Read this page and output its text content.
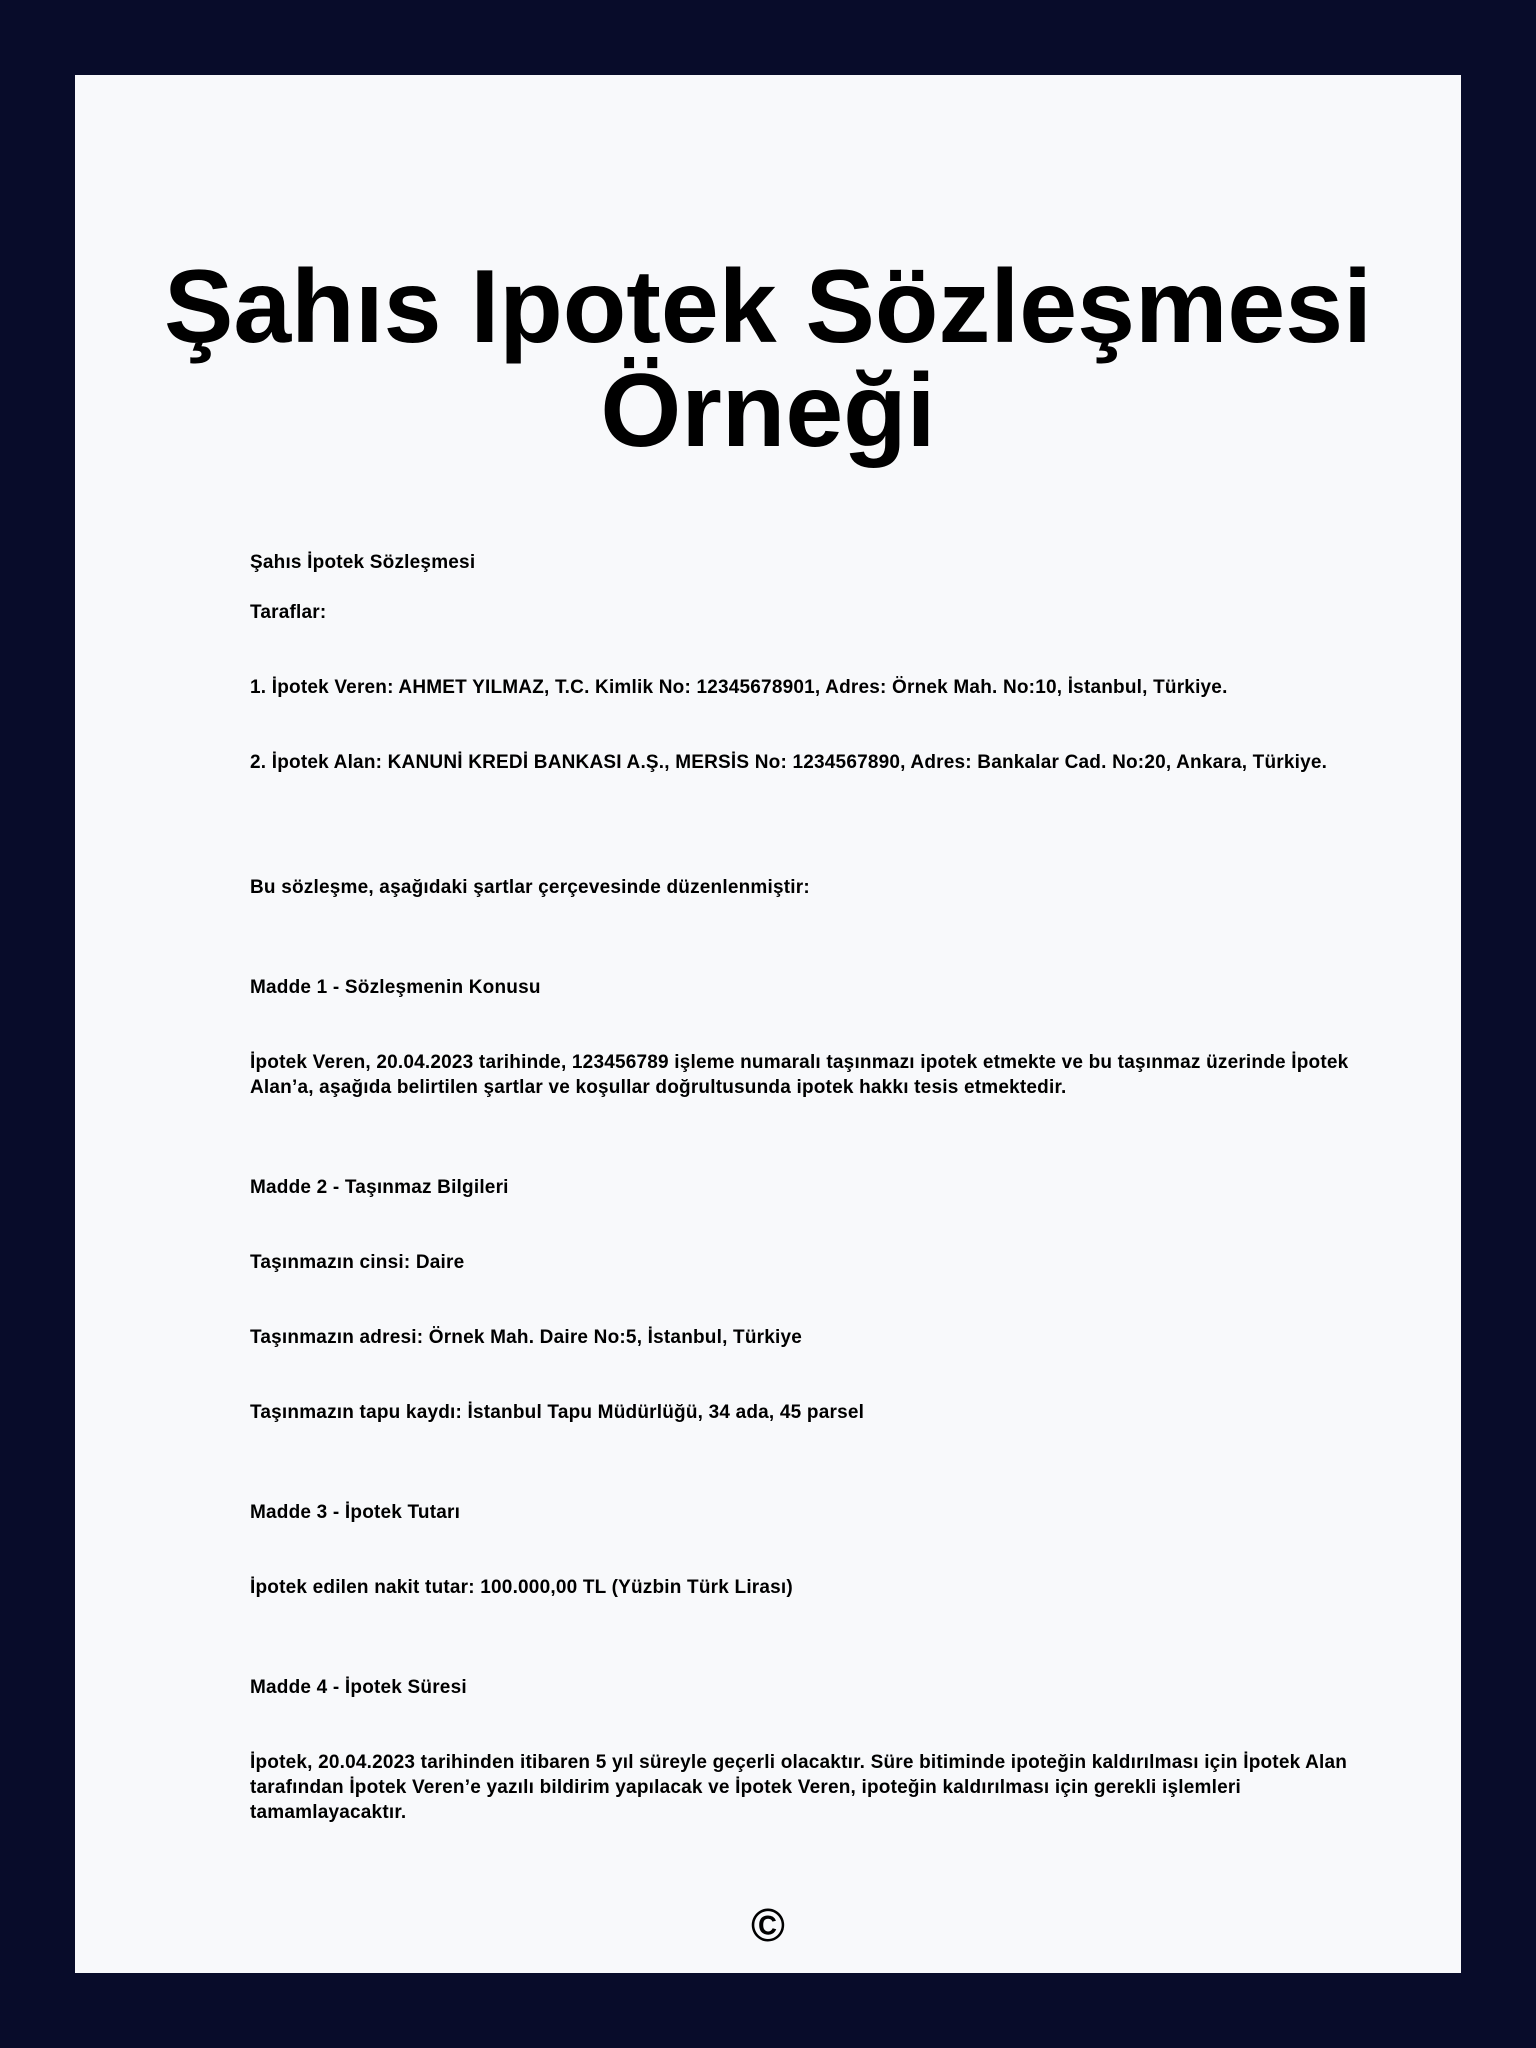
Şahıs Ipotek Sözleşmesi Örneği

Şahıs İpotek Sözleşmesi

Taraflar:

1. İpotek Veren: AHMET YILMAZ, T.C. Kimlik No: 12345678901, Adres: Örnek Mah. No:10, İstanbul, Türkiye.

2. İpotek Alan: KANUNİ KREDİ BANKASI A.Ş., MERSİS No: 1234567890, Adres: Bankalar Cad. No:20, Ankara, Türkiye.

Bu sözleşme, aşağıdaki şartlar çerçevesinde düzenlenmiştir:

Madde 1 - Sözleşmenin Konusu

İpotek Veren, 20.04.2023 tarihinde, 123456789 işleme numaralı taşınmazı ipotek etmekte ve bu taşınmaz üzerinde İpotek Alan’a, aşağıda belirtilen şartlar ve koşullar doğrultusunda ipotek hakkı tesis etmektedir.

Madde 2 - Taşınmaz Bilgileri

Taşınmazın cinsi: Daire

Taşınmazın adresi: Örnek Mah. Daire No:5, İstanbul, Türkiye

Taşınmazın tapu kaydı: İstanbul Tapu Müdürlüğü, 34 ada, 45 parsel

Madde 3 - İpotek Tutarı

İpotek edilen nakit tutar: 100.000,00 TL (Yüzbin Türk Lirası)

Madde 4 - İpotek Süresi

İpotek, 20.04.2023 tarihinden itibaren 5 yıl süreyle geçerli olacaktır. Süre bitiminde ipoteğin kaldırılması için İpotek Alan tarafından İpotek Veren’e yazılı bildirim yapılacak ve İpotek Veren, ipoteğin kaldırılması için gerekli işlemleri tamamlayacaktır.

©
